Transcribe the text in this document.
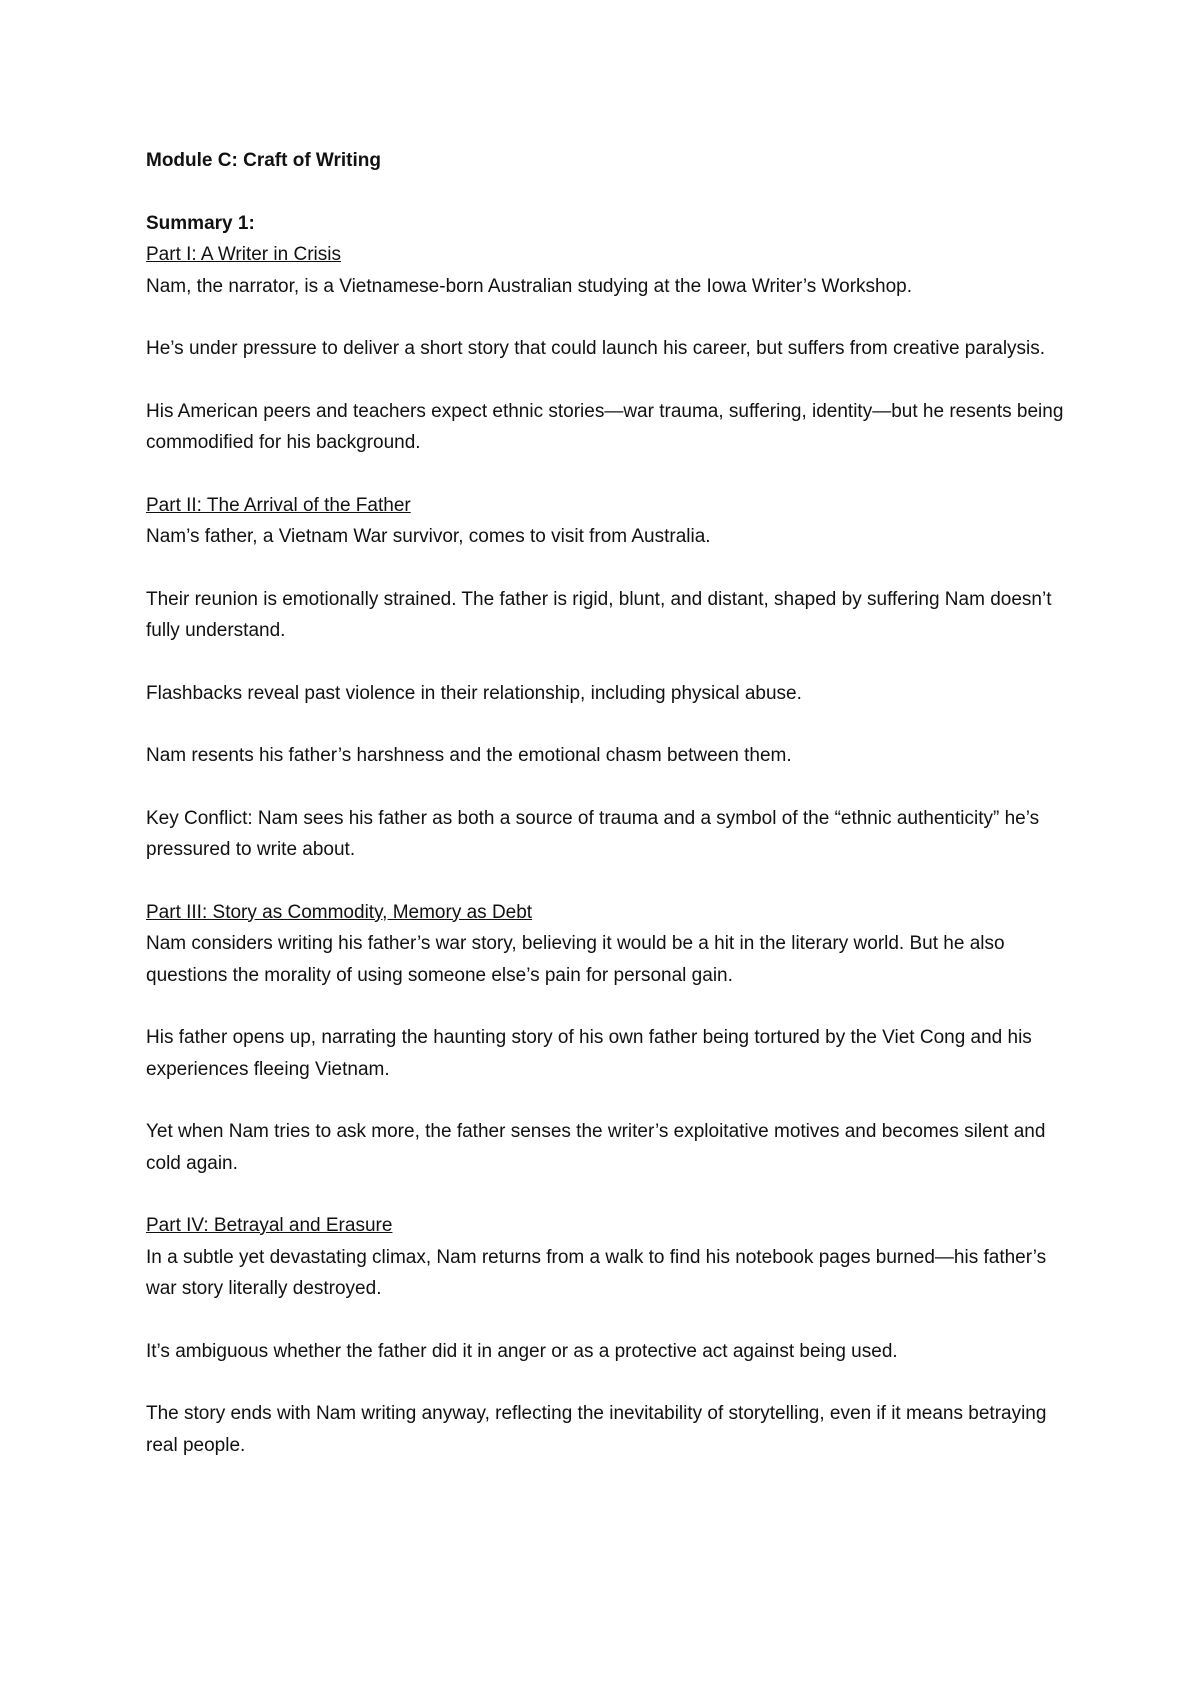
Module C: Craft of Writing

Summary 1:

Part I: A Writer in Crisis

Nam, the narrator, is a Vietnamese-born Australian studying at the Iowa Writer’s Workshop.

He’s under pressure to deliver a short story that could launch his career, but suffers from creative paralysis.

His American peers and teachers expect ethnic stories—war trauma, suffering, identity—but he resents being commodified for his background.

Part II: The Arrival of the Father

Nam’s father, a Vietnam War survivor, comes to visit from Australia.

Their reunion is emotionally strained. The father is rigid, blunt, and distant, shaped by suffering Nam doesn’t fully understand.

Flashbacks reveal past violence in their relationship, including physical abuse.

Nam resents his father’s harshness and the emotional chasm between them.

Key Conflict: Nam sees his father as both a source of trauma and a symbol of the “ethnic authenticity” he’s pressured to write about.

Part III: Story as Commodity, Memory as Debt

Nam considers writing his father’s war story, believing it would be a hit in the literary world. But he also questions the morality of using someone else’s pain for personal gain.

His father opens up, narrating the haunting story of his own father being tortured by the Viet Cong and his experiences fleeing Vietnam.

Yet when Nam tries to ask more, the father senses the writer’s exploitative motives and becomes silent and cold again.

Part IV: Betrayal and Erasure

In a subtle yet devastating climax, Nam returns from a walk to find his notebook pages burned—his father’s war story literally destroyed.

It’s ambiguous whether the father did it in anger or as a protective act against being used.

The story ends with Nam writing anyway, reflecting the inevitability of storytelling, even if it means betraying real people.
